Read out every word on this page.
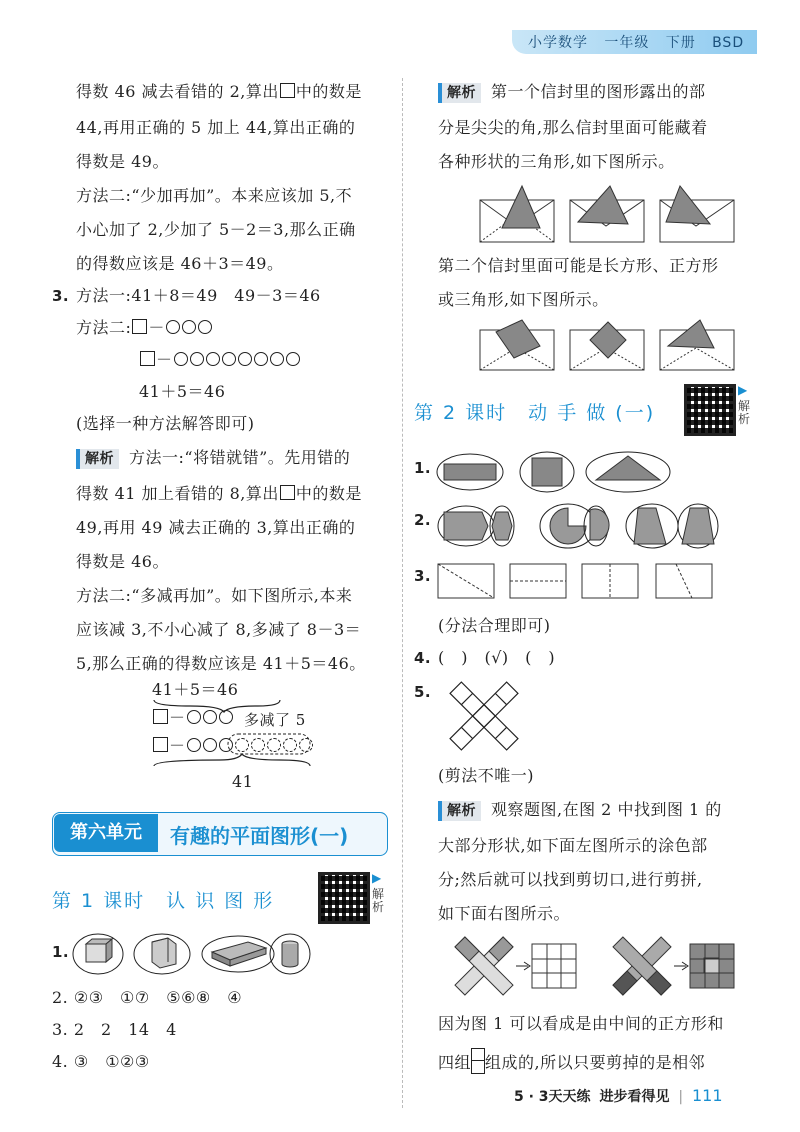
小学数学 一年级 下册 BSD
得数 46 减去看错的 2,算出 中的数是
44,再用正确的 5 加上 44,算出正确的
得数是 49。
方法二:“少加再加”。本来应该加 5,不
小心加了 2,少加了 5－2＝3,那么正确
的得数应该是 46＋3＝49。
3. 方法一:41＋8＝49　49－3＝46
方法二: －
－
41＋5＝46
(选择一种方法解答即可)
解析 方法一:“将错就错”。先用错的
得数 41 加上看错的 8,算出 中的数是
49,再用 49 减去正确的 3,算出正确的
得数是 46。
方法二:“多减再加”。如下图所示,本来
应该减 3,不小心减了 8,多减了 8－3＝
5,那么正确的得数应该是 41＋5＝46。
41＋5＝46
－	多减了 5
－
41
第六单元	有趣的平面图形(一)
第 1 课时　认 识 图 形
▶
解析
1.
2. ②③　①⑦　⑤⑥⑧　④
3. 2　2　14　4
4. ③　①②③
解析 第一个信封里的图形露出的部
分是尖尖的角,那么信封里面可能藏着
各种形状的三角形,如下图所示。
第二个信封里面可能是长方形、正方形
或三角形,如下图所示。
第 2 课时　动 手 做 (一)
▶
解析
1.
2.
3.
(分法合理即可)
4. (　)　(√)　(　)
5.
(剪法不唯一)
解析 观察题图,在图 2 中找到图 1 的
大部分形状,如下面左图所示的涂色部
分;然后就可以找到剪切口,进行剪拼,
如下面右图所示。
因为图 1 可以看成是由中间的正方形和
四组 组成的,所以只要剪掉的是相邻
5 · 3天天练 进步看得见  |  111
